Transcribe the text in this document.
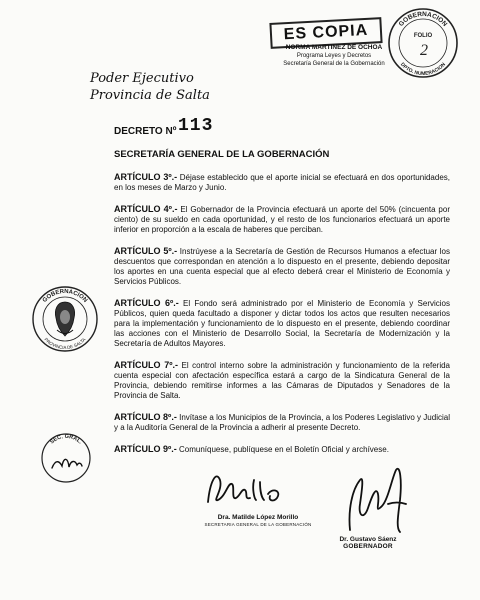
ES COPIA
NORMA MARTINEZ DE OCHOA
Programa Leyes y Decretos
Secretaría General de la Gobernación
GOBERNACION
DPTO. NUMERACION
FOLIO
2
Poder Ejecutivo
Provincia de Salta
DECRETO Nº 113
SECRETARÍA GENERAL DE LA GOBERNACIÓN

ARTÍCULO 3º.- Déjase establecido que el aporte inicial se efectuará en dos oportunidades, en los meses de Marzo y Junio.

ARTÍCULO 4º.- El Gobernador de la Provincia efectuará un aporte del 50% (cincuenta por ciento) de su sueldo en cada oportunidad, y el resto de los funcionarios efectuará un aporte inferior en proporción a la escala de haberes que perciban.

ARTÍCULO 5º.- Instrúyese a la Secretaría de Gestión de Recursos Humanos a efectuar los descuentos que correspondan en atención a lo dispuesto en el presente, debiendo depositar los aportes en una cuenta especial que al efecto deberá crear el Ministerio de Economía y Servicios Públicos.

ARTÍCULO 6º.- El Fondo será administrado por el Ministerio de Economía y Servicios Públicos, quien queda facultado a disponer y dictar todos los actos que resulten necesarios para la implementación y funcionamiento de lo dispuesto en el presente, debiendo coordinar las acciones con el Ministerio de Desarrollo Social, la Secretaría de Modernización y la Secretaría de Adultos Mayores.

ARTÍCULO 7º.- El control interno sobre la administración y funcionamiento de la referida cuenta especial con afectación específica estará a cargo de la Sindicatura General de la Provincia, debiendo remitirse informes a las Cámaras de Diputados y Senadores de la Provincia de Salta.

ARTÍCULO 8º.- Invítase a los Municipios de la Provincia, a los Poderes Legislativo y Judicial y a la Auditoría General de la Provincia a adherir al presente Decreto.

ARTÍCULO 9º.- Comuníquese, publíquese en el Boletín Oficial y archívese.

GOBERNACION
PROVINCIA DE SALTA
SEC. GRAL.
Dra. Matilde López Morillo
SECRETARIA GENERAL DE LA GOBERNACIÓN
Dr. Gustavo Sáenz
GOBERNADOR
